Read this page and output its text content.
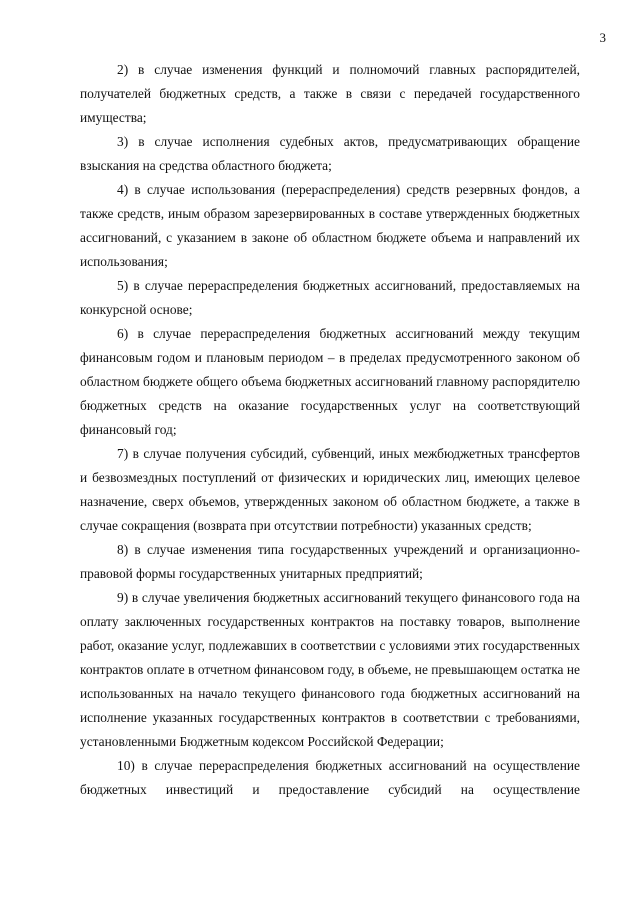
3

2) в случае изменения функций и полномочий главных распорядителей, получателей бюджетных средств, а также в связи с передачей государственного имущества;

3) в случае исполнения судебных актов, предусматривающих обращение взыскания на средства областного бюджета;

4) в случае использования (перераспределения) средств резервных фондов, а также средств, иным образом зарезервированных в составе утвержденных бюджетных ассигнований, с указанием в законе об областном бюджете объема и направлений их использования;

5) в случае перераспределения бюджетных ассигнований, предоставляемых на конкурсной основе;

6) в случае перераспределения бюджетных ассигнований между текущим финансовым годом и плановым периодом – в пределах предусмотренного законом об областном бюджете общего объема бюджетных ассигнований главному распорядителю бюджетных средств на оказание государственных услуг на соответствующий финансовый год;

7) в случае получения субсидий, субвенций, иных межбюджетных трансфертов и безвозмездных поступлений от физических и юридических лиц, имеющих целевое назначение, сверх объемов, утвержденных законом об областном бюджете, а также в случае сокращения (возврата при отсутствии потребности) указанных средств;

8) в случае изменения типа государственных учреждений и организационно-правовой формы государственных унитарных предприятий;

9) в случае увеличения бюджетных ассигнований текущего финансового года на оплату заключенных государственных контрактов на поставку товаров, выполнение работ, оказание услуг, подлежавших в соответствии с условиями этих государственных контрактов оплате в отчетном финансовом году, в объеме, не превышающем остатка не использованных на начало текущего финансового года бюджетных ассигнований на исполнение указанных государственных контрактов в соответствии с требованиями, установленными Бюджетным кодексом Российской Федерации;

10) в случае перераспределения бюджетных ассигнований на осуществление бюджетных инвестиций и предоставление субсидий на осуществление
